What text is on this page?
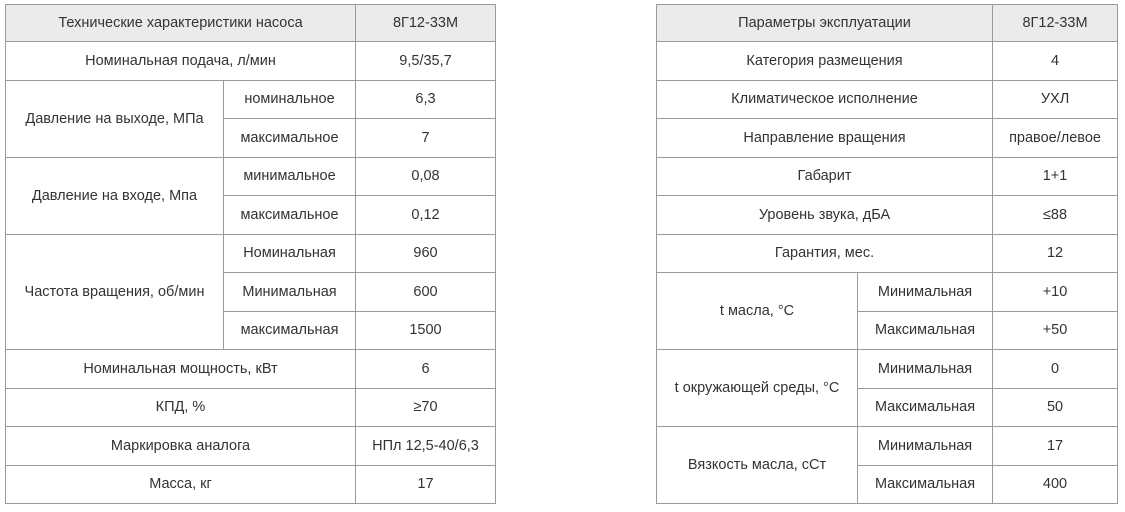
Технические характеристики насоса		8Г12-33М
Номинальная подача, л/мин		9,5/35,7
Давление на выходе, МПа	номинальное	6,3
	максимальное	7
Давление на входе, Мпа	минимальное	0,08
	максимальное	0,12
Частота вращения, об/мин	Номинальная	960
	Минимальная	600
	максимальная	1500
Номинальная мощность, кВт		6
КПД, %		≥70
Маркировка аналога		НПл 12,5-40/6,3
Масса, кг		17
Параметры эксплуатации		8Г12-33М
Категория размещения		4
Климатическое исполнение		УХЛ
Направление вращения		правое/левое
Габарит		1+1
Уровень звука, дБА		≤88
Гарантия, мес.		12
t масла, °С	Минимальная	+10
	Максимальная	+50
t окружающей среды, °С	Минимальная	0
	Максимальная	50
Вязкость масла, сСт	Минимальная	17
	Максимальная	400
